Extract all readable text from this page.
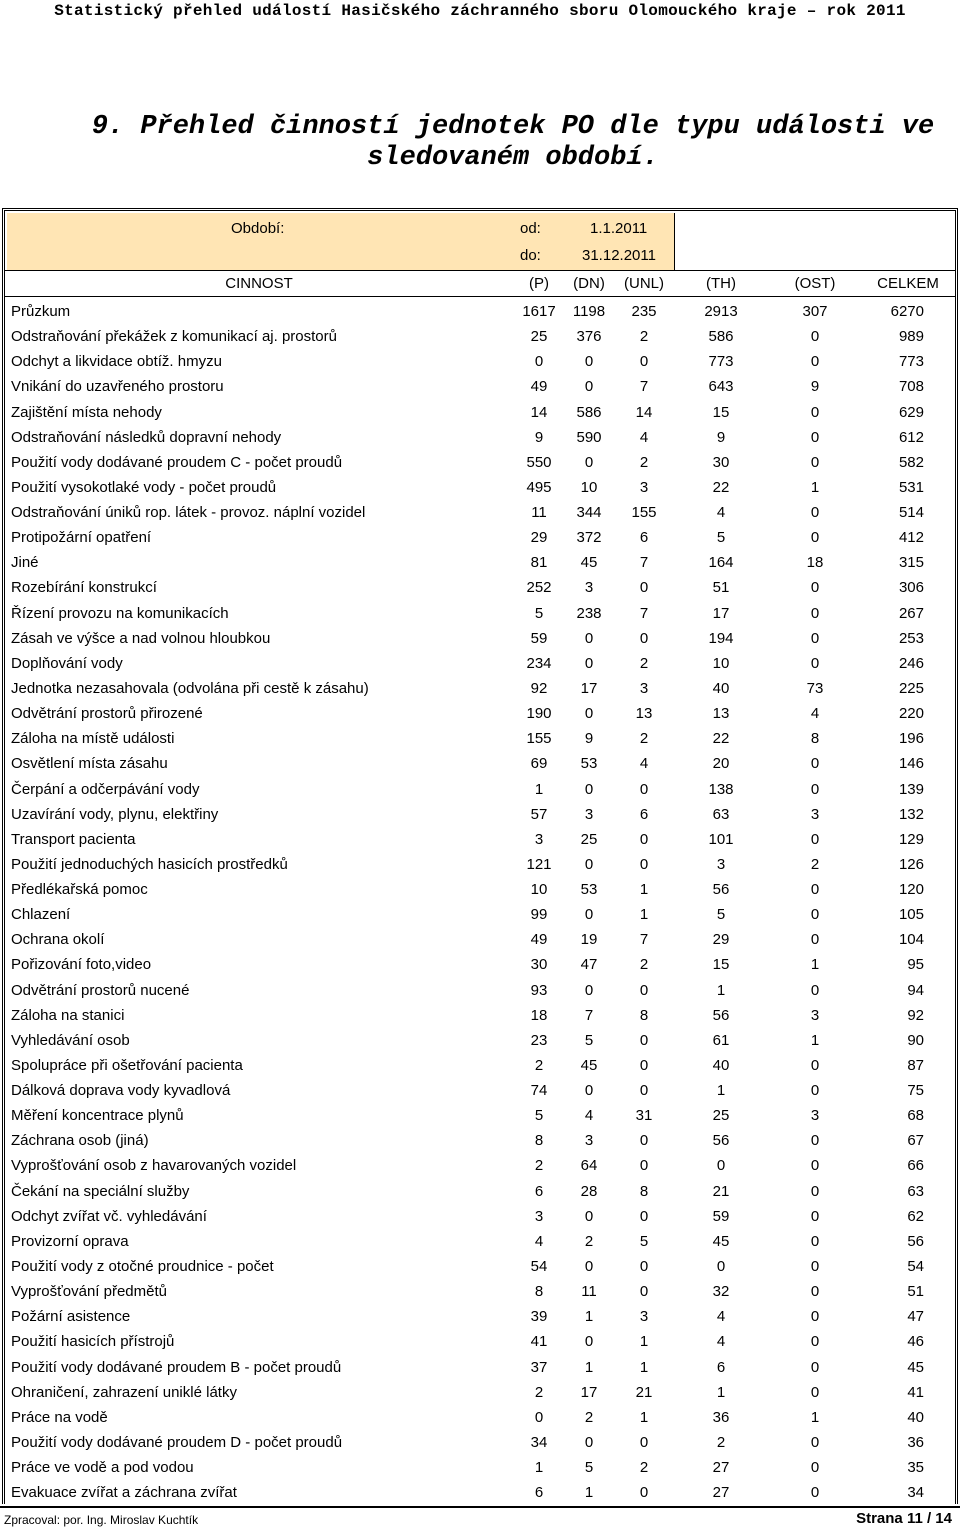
Statistický přehled událostí Hasičského záchranného sboru Olomouckého kraje – rok 2011
9. Přehled činností jednotek PO dle typu události ve
sledovaném období.
Období:	od:	1.1.2011
do:	31.12.2011
CINNOST	(P)	(DN)	(UNL)	(TH)	(OST)	CELKEM
Průzkum	1617	1198	235	2913	307	6270
Odstraňování překážek z komunikací aj. prostorů	25	376	2	586	0	989
Odchyt a likvidace obtíž. hmyzu	0	0	0	773	0	773
Vnikání do uzavřeného prostoru	49	0	7	643	9	708
Zajištění místa nehody	14	586	14	15	0	629
Odstraňování následků dopravní nehody	9	590	4	9	0	612
Použití vody dodávané proudem C - počet proudů	550	0	2	30	0	582
Použití vysokotlaké vody - počet proudů	495	10	3	22	1	531
Odstraňování úniků rop. látek - provoz. náplní vozidel	11	344	155	4	0	514
Protipožární opatření	29	372	6	5	0	412
Jiné	81	45	7	164	18	315
Rozebírání konstrukcí	252	3	0	51	0	306
Řízení provozu na komunikacích	5	238	7	17	0	267
Zásah ve výšce a nad volnou hloubkou	59	0	0	194	0	253
Doplňování vody	234	0	2	10	0	246
Jednotka nezasahovala (odvolána při cestě k zásahu)	92	17	3	40	73	225
Odvětrání prostorů přirozené	190	0	13	13	4	220
Záloha na místě události	155	9	2	22	8	196
Osvětlení místa zásahu	69	53	4	20	0	146
Čerpání a odčerpávání vody	1	0	0	138	0	139
Uzavírání vody, plynu, elektřiny	57	3	6	63	3	132
Transport pacienta	3	25	0	101	0	129
Použití jednoduchých hasicích prostředků	121	0	0	3	2	126
Předlékařská pomoc	10	53	1	56	0	120
Chlazení	99	0	1	5	0	105
Ochrana okolí	49	19	7	29	0	104
Pořizování foto,video	30	47	2	15	1	95
Odvětrání prostorů nucené	93	0	0	1	0	94
Záloha na stanici	18	7	8	56	3	92
Vyhledávání osob	23	5	0	61	1	90
Spolupráce při ošetřování pacienta	2	45	0	40	0	87
Dálková doprava vody kyvadlová	74	0	0	1	0	75
Měření koncentrace plynů	5	4	31	25	3	68
Záchrana osob (jiná)	8	3	0	56	0	67
Vyprošťování osob z havarovaných vozidel	2	64	0	0	0	66
Čekání na speciální služby	6	28	8	21	0	63
Odchyt zvířat vč. vyhledávání	3	0	0	59	0	62
Provizorní oprava	4	2	5	45	0	56
Použití vody z otočné proudnice - počet	54	0	0	0	0	54
Vyprošťování předmětů	8	11	0	32	0	51
Požární asistence	39	1	3	4	0	47
Použití hasicích přístrojů	41	0	1	4	0	46
Použití vody dodávané proudem B - počet proudů	37	1	1	6	0	45
Ohraničení, zahrazení uniklé látky	2	17	21	1	0	41
Práce na vodě	0	2	1	36	1	40
Použití vody dodávané proudem D - počet proudů	34	0	0	2	0	36
Práce ve vodě a pod vodou	1	5	2	27	0	35
Evakuace zvířat a záchrana zvířat	6	1	0	27	0	34
Zpracoval: por. Ing. Miroslav Kuchtík	Strana 11 / 14
